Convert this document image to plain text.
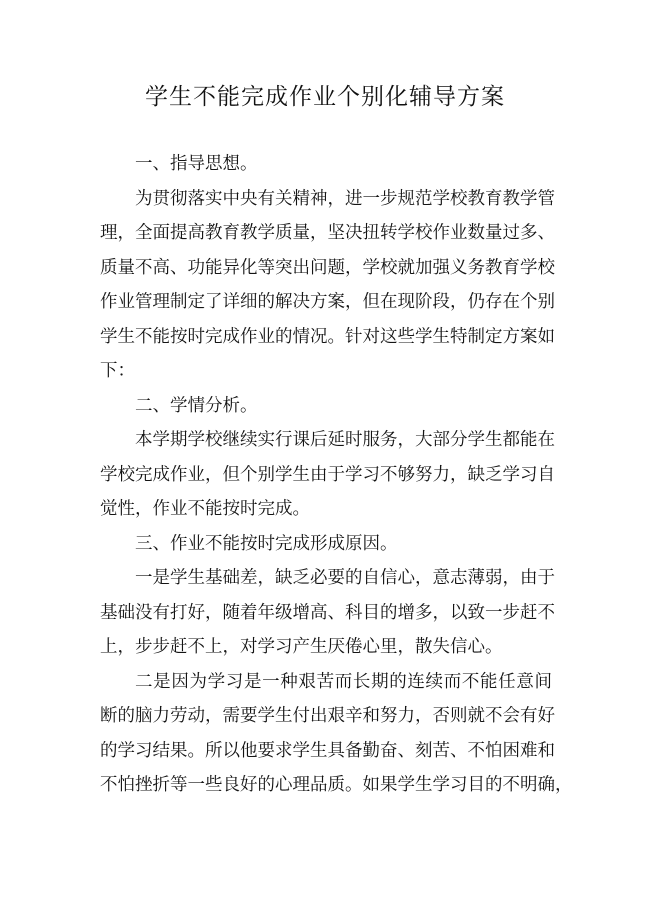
学生不能完成作业个别化辅导方案
一、指导思想。
为贯彻落实中央有关精神，进一步规范学校教育教学管
理，全面提高教育教学质量，坚决扭转学校作业数量过多、
质量不高、功能异化等突出问题，学校就加强义务教育学校
作业管理制定了详细的解决方案，但在现阶段，仍存在个别
学生不能按时完成作业的情况。针对这些学生特制定方案如
下：
二、学情分析。
本学期学校继续实行课后延时服务，大部分学生都能在
学校完成作业，但个别学生由于学习不够努力，缺乏学习自
觉性，作业不能按时完成。
三、作业不能按时完成形成原因。
一是学生基础差，缺乏必要的自信心，意志薄弱，由于
基础没有打好，随着年级增高、科目的增多，以致一步赶不
上，步步赶不上，对学习产生厌倦心里，散失信心。
二是因为学习是一种艰苦而长期的连续而不能任意间
断的脑力劳动，需要学生付出艰辛和努力，否则就不会有好
的学习结果。所以他要求学生具备勤奋、刻苦、不怕困难和
不怕挫折等一些良好的心理品质。如果学生学习目的不明确，
